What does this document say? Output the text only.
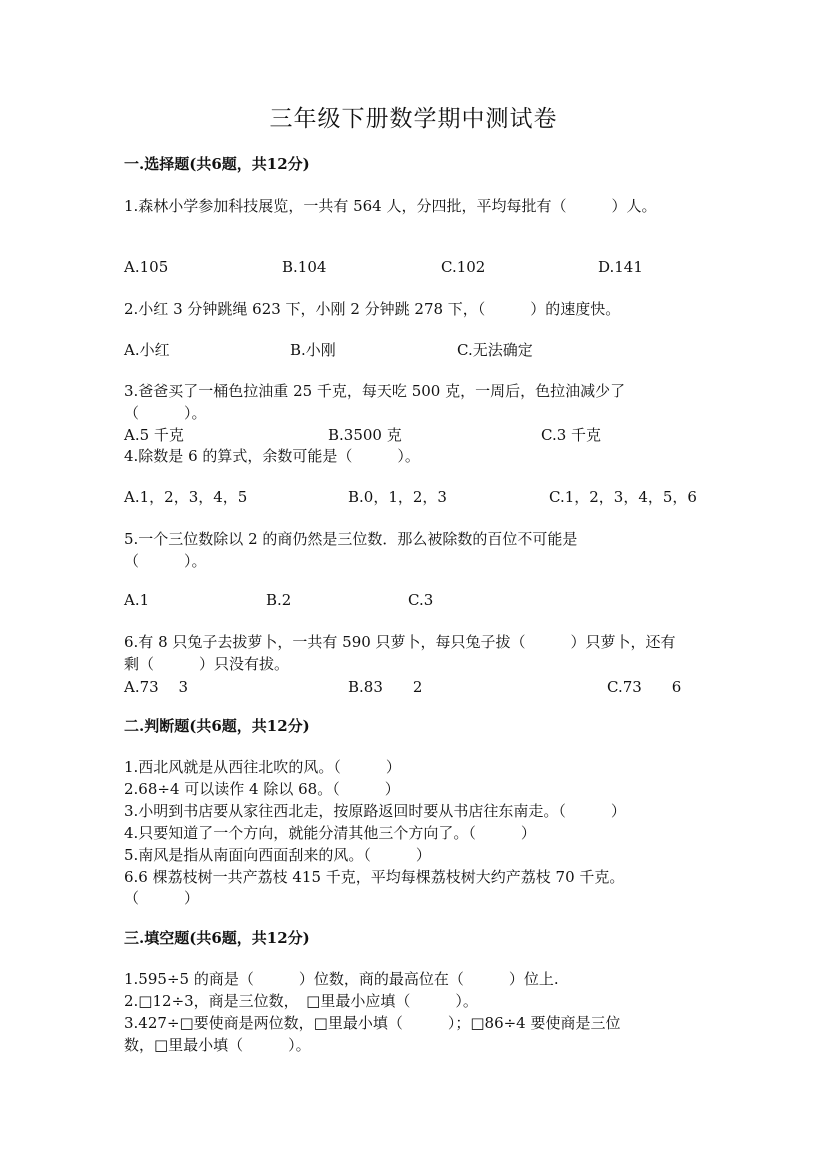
三年级下册数学期中测试卷
一.选择题(共6题，共12分)
1.森林小学参加科技展览，一共有 564 人，分四批，平均每批有（　　　）人。
A.105	B.104	C.102	D.141
2.小红 3 分钟跳绳 623 下，小刚 2 分钟跳 278 下，（　　　）的速度快。
A.小红	B.小刚	C.无法确定
3.爸爸买了一桶色拉油重 25 千克，每天吃 500 克，一周后，色拉油减少了
（　　　）。
A.5 千克	B.3500 克	C.3 千克
4.除数是 6 的算式，余数可能是（　　　）。
A.1，2，3，4，5	B.0，1，2，3	C.1，2，3，4，5，6
5.一个三位数除以 2 的商仍然是三位数．那么被除数的百位不可能是
（　　　）。
A.1	B.2	C.3
6.有 8 只兔子去拔萝卜，一共有 590 只萝卜，每只兔子拔（　　　）只萝卜，还有
剩（　　　）只没有拔。
A.73　 3	B.83　　2	C.73　　6
二.判断题(共6题，共12分)
1.西北风就是从西往北吹的风。（　　　）
2.68÷4 可以读作 4 除以 68。（　　　）
3.小明到书店要从家往西北走，按原路返回时要从书店往东南走。（　　　）
4.只要知道了一个方向，就能分清其他三个方向了。（　　　）
5.南风是指从南面向西面刮来的风。（　　　）
6.6 棵荔枝树一共产荔枝 415 千克，平均每棵荔枝树大约产荔枝 70 千克。
（　　　）
三.填空题(共6题，共12分)
1.595÷5 的商是（　　　）位数，商的最高位在（　　　）位上.
2.□12÷3，商是三位数，　□里最小应填（　　　）。
3.427÷□要使商是两位数，□里最小填（　　　）；□86÷4 要使商是三位
数，□里最小填（　　　）。
